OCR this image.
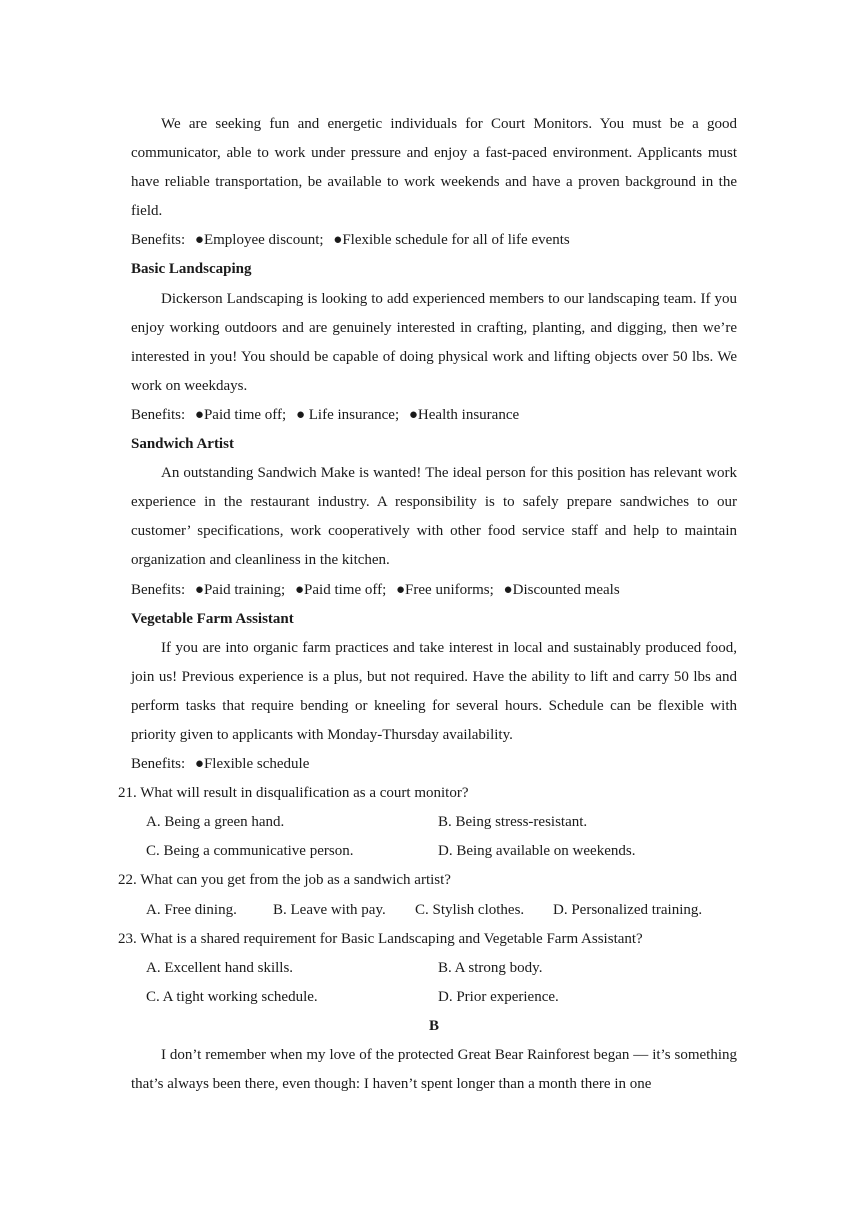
We are seeking fun and energetic individuals for Court Monitors. You must be a good communicator, able to work under pressure and enjoy a fast-paced environment. Applicants must have reliable transportation, be available to work weekends and have a proven background in the field.

Benefits: ●Employee discount; ●Flexible schedule for all of life events

Basic Landscaping

Dickerson Landscaping is looking to add experienced members to our landscaping team. If you enjoy working outdoors and are genuinely interested in crafting, planting, and digging, then we’re interested in you! You should be capable of doing physical work and lifting objects over 50 lbs. We work on weekdays.

Benefits: ●Paid time off; ● Life insurance; ●Health insurance

Sandwich Artist

An outstanding Sandwich Make is wanted! The ideal person for this position has relevant work experience in the restaurant industry. A responsibility is to safely prepare sandwiches to our customer’ specifications, work cooperatively with other food service staff and help to maintain organization and cleanliness in the kitchen.

Benefits: ●Paid training; ●Paid time off; ●Free uniforms; ●Discounted meals

Vegetable Farm Assistant

If you are into organic farm practices and take interest in local and sustainably produced food, join us! Previous experience is a plus, but not required. Have the ability to lift and carry 50 lbs and perform tasks that require bending or kneeling for several hours. Schedule can be flexible with priority given to applicants with Monday-Thursday availability.

Benefits: ●Flexible schedule

21. What will result in disqualification as a court monitor?

A. Being a green hand.	B. Being stress-resistant.
C. Being a communicative person.	D. Being available on weekends.

22. What can you get from the job as a sandwich artist?

A. Free dining.	B. Leave with pay.	C. Stylish clothes.	D. Personalized training.

23. What is a shared requirement for Basic Landscaping and Vegetable Farm Assistant?

A. Excellent hand skills.	B. A strong body.
C. A tight working schedule.	D. Prior experience.

B

I don’t remember when my love of the protected Great Bear Rainforest began — it’s something that’s always been there, even though: I haven’t spent longer than a month there in one
